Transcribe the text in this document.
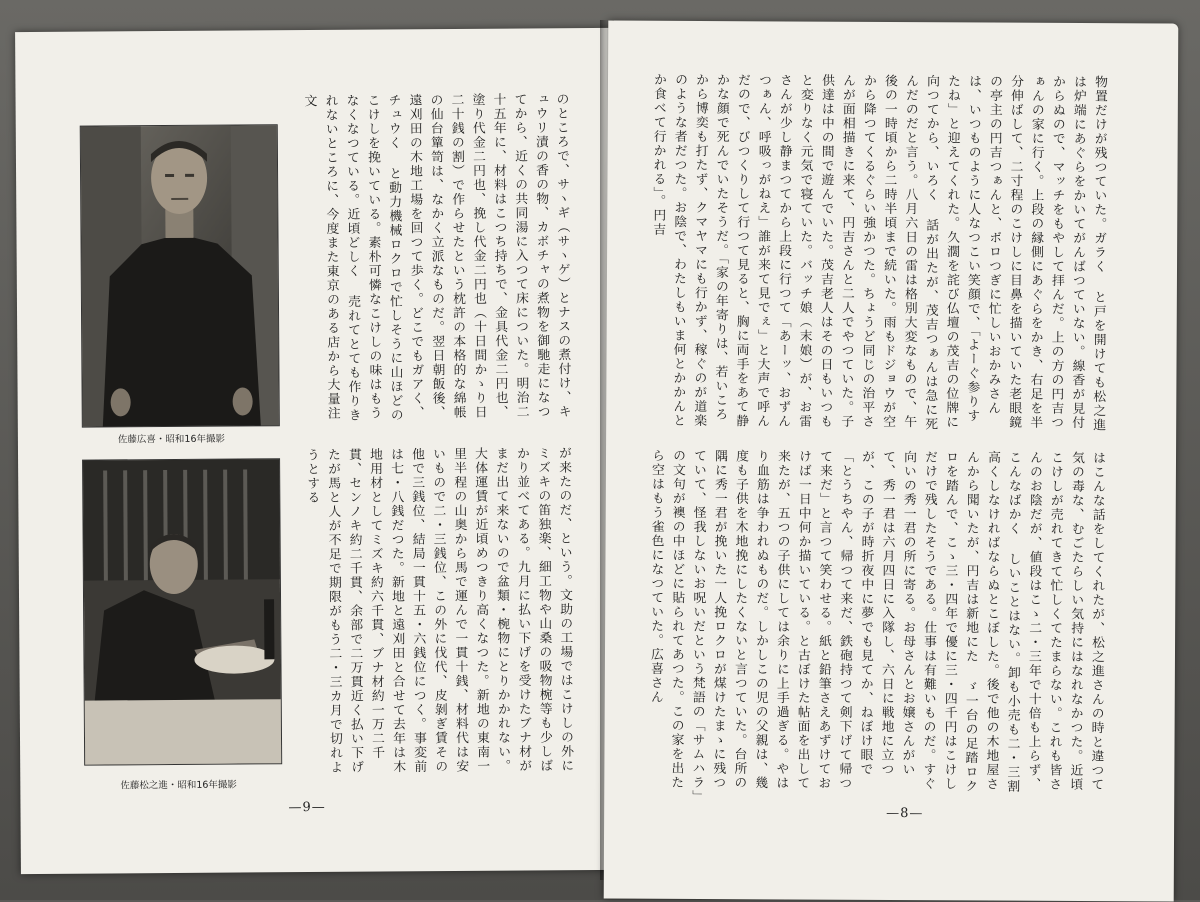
佐藤広喜・昭和16年撮影
佐藤松之進・昭和16年撮影
のところで、サヽギ（サヽゲ）とナスの煮付け、キュウリ漬の香の物、カボチャの煮物を御馳走になつてから、近くの共同湯に入つて床についた。明治二十五年に、材料はこつち持ちで、金具代金二円也、塗り代金二円也、挽し代金二円也（十日間かゝり日二十銭の割）で作らせたという枕許の本格的な綿帳の仙台簞笥は、なかく立派なものだ。翌日朝飯後、遠刈田の木地工場を回つて歩く。どこでもガアく、チュウく と動力機械ロクロで忙しそうに山ほどのこけしを挽いている。素朴可憐なこけしの味はもうなくなつている。近頃どしく 売れてとても作りきれないところに、今度また東京のある店から大量注文
が来たのだ、という。文助の工場ではこけしの外にミズキの笛独楽、細工物や山桑の吸物椀等も少しばかり並べてある。九月に払い下げを受けたブナ材がまだ出て来ないので盆類・椀物にとりかかれない。大体運賃が近頃めつきり高くなつた。新地の東南一里半程の山奥から馬で運んで一貫十銭、材料代は安いもので二・三銭位、この外に伐代、皮剝ぎ賃その他で三銭位、結局一貫十五・六銭位につく。事変前は七・八銭だつた。新地と遠刈田と合せて去年は木地用材としてミズキ約六千貫、ブナ材約一万二千貫、センノキ約二千貫、余部で二万貫近く払い下げたが馬と人が不足で期限がもう二・三カ月で切れようとする
—9—
物置だけが残つていた。ガラく と戸を開けても松之進は炉端にあぐらをかいてがんばつていない。線香が見付からぬので、マッチをもやして拝んだ。上の方の円吉つぁんの家に行く。上段の縁側にあぐらをかき、右足を半分伸ばして、二寸程のこけしに目鼻を描いていた老眼鏡の亭主の円吉つぁんと、ボロつぎに忙しいおかみさんは、いつものように人なつこい笑顔で、「よーぐ参りすたね」と迎えてくれた。久濶を詫び仏壇の茂吉の位牌に向つてから、いろく 話が出たが、茂吉つぁんは急に死んだのだと言う。八月六日の雷は格別大変なもので、午後の一時頃から二時半頃まで続いた。雨もドジョウが空から降つてくるぐらい強かつた。ちょうど同じの治平さんが面相描きに来て、円吉さんと二人でやつていた。子供達は中の間で遊んでいた。茂吉老人はその日もいつもと変りなく元気で寝ていた。バッチ娘（末娘）が、お雷さんが少し静まつてから上段に行つて「あーッ、おずんつぁん、呼吸っがねえ」誰が来て見でぇ」と大声で呼んだので、びつくりして行つて見ると、胸に両手をあて静かな顔で死んでいたそうだ。「家の年寄りは、若いころから博奕も打たず、クマヤマにも行かず、稼ぐのが道楽のような者だつた。お陰で、わたしもいま何とかかんとか食べて行かれる」。円吉
はこんな話をしてくれたが、松之進さんの時と違つて気の毒な、むごたらしい気持にはなれなかつた。近頃こけしが売れてきて忙しくてたまらない。これも皆さんのお陰だが、値段はこゝ二・三年で十倍も上らず、こんなばかく しいことはない。卸も小売も二・三割高くしなければならぬとこぼした。後で他の木地屋さんから聞いたが、円吉は新地にた ゞ一台の足踏ロクロを踏んで、こゝ三・四年で優に三・四千円はこけしだけで残したそうである。仕事は有難いものだ。すぐ向いの秀一君の所に寄る。お母さんとお嬢さんがいて、秀一君は六月四日に入隊し、六日に戦地に立つが、この子が時折夜中に夢でも見てか、ねぼけ眼で「とうちやん、帰つて来だ、鉄砲持つて剣下げて帰つて来だ」と言つて笑わせる。紙と鉛筆さえあずけておけば一日中何か描いている。と古ぼけた帖面を出して来たが、五つの子供にしては余りに上手過ぎる。やはり血筋は争われぬものだ。しかしこの児の父親は、幾度も子供を木地挽にしたくないと言つていた。台所の隅に秀一君が挽いた一人挽ロクロが煤けたまゝに残つていて、怪我しないお呪いだという梵語の「サムハラ」の文句が襖の中ほどに貼られてあつた。この家を出たら空はもう雀色になつていた。広喜さん
—8—
